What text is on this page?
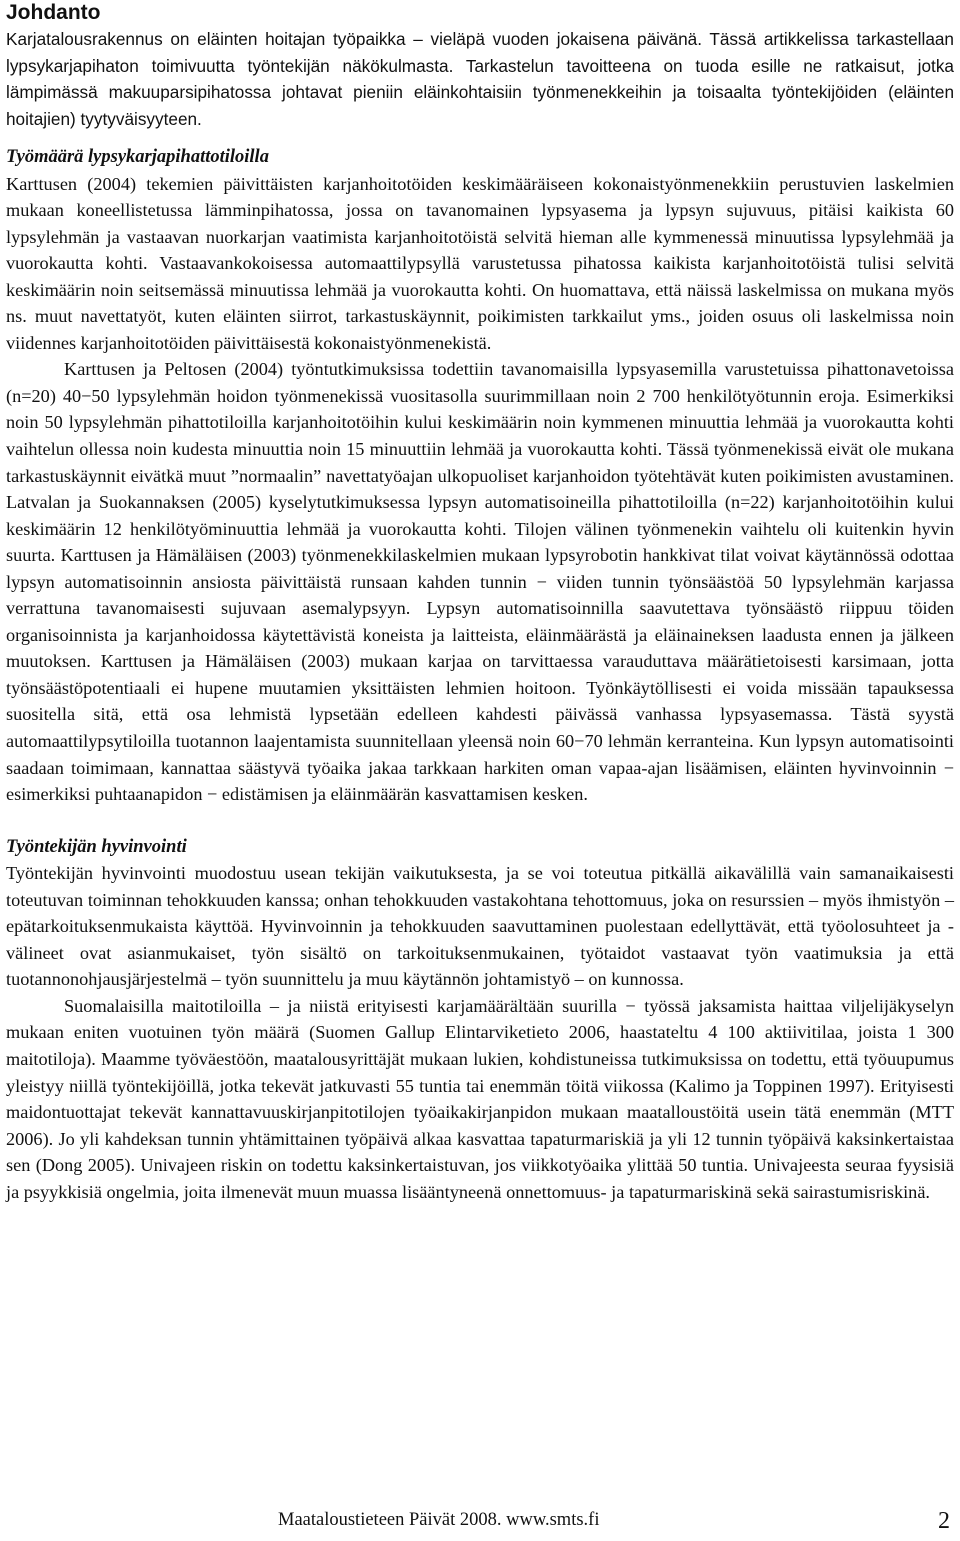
Johdanto

Karjatalousrakennus on eläinten hoitajan työpaikka – vieläpä vuoden jokaisena päivänä. Tässä artikkelissa tarkastellaan lypsykarjapihaton toimivuutta työntekijän näkökulmasta. Tarkastelun tavoitteena on tuoda esille ne ratkaisut, jotka lämpimässä makuuparsipihatossa johtavat pieniin eläinkohtaisiin työnmenekkeihin ja toisaalta työntekijöiden (eläinten hoitajien) tyytyväisyyteen.

Työmäärä lypsykarjapihattotiloilla

Karttusen (2004) tekemien päivittäisten karjanhoitotöiden keskimääräiseen kokonaistyönmenekkiin perustuvien laskelmien mukaan koneellistetussa lämminpihatossa, jossa on tavanomainen lypsyasema ja lypsyn sujuvuus, pitäisi kaikista 60 lypsylehmän ja vastaavan nuorkarjan vaatimista karjanhoitotöistä selvitä hieman alle kymmenessä minuutissa lypsylehmää ja vuorokautta kohti. Vastaavankokoisessa automaattilypsyllä varustetussa pihatossa kaikista karjanhoitotöistä tulisi selvitä keskimäärin noin seitsemässä minuutissa lehmää ja vuorokautta kohti. On huomattava, että näissä laskelmissa on mukana myös ns. muut navettatyöt, kuten eläinten siirrot, tarkastuskäynnit, poikimisten tarkkailut yms., joiden osuus oli laskelmissa noin viidennes karjanhoitotöiden päivittäisestä kokonaistyönmenekistä.

Karttusen ja Peltosen (2004) työntutkimuksissa todettiin tavanomaisilla lypsyasemilla varustetuissa pihattonavetoissa (n=20) 40−50 lypsylehmän hoidon työnmenekissä vuositasolla suurimmillaan noin 2 700 henkilötyötunnin eroja. Esimerkiksi noin 50 lypsylehmän pihattotiloilla karjanhoitotöihin kului keskimäärin noin kymmenen minuuttia lehmää ja vuorokautta kohti vaihtelun ollessa noin kudesta minuuttia noin 15 minuuttiin lehmää ja vuorokautta kohti. Tässä työnmenekissä eivät ole mukana tarkastuskäynnit eivätkä muut ”normaalin” navettatyöajan ulkopuoliset karjanhoidon työtehtävät kuten poikimisten avustaminen. Latvalan ja Suokannaksen (2005) kyselytutkimuksessa lypsyn automatisoineilla pihattotiloilla (n=22) karjanhoitotöihin kului keskimäärin 12 henkilötyöminuuttia lehmää ja vuorokautta kohti. Tilojen välinen työnmenekin vaihtelu oli kuitenkin hyvin suurta. Karttusen ja Hämäläisen (2003) työnmenekkilaskelmien mukaan lypsyrobotin hankkivat tilat voivat käytännössä odottaa lypsyn automatisoinnin ansiosta päivittäistä runsaan kahden tunnin − viiden tunnin työnsäästöä 50 lypsylehmän karjassa verrattuna tavanomaisesti sujuvaan asemalypsyyn. Lypsyn automatisoinnilla saavutettava työnsäästö riippuu töiden organisoinnista ja karjanhoidossa käytettävistä koneista ja laitteista, eläinmäärästä ja eläinaineksen laadusta ennen ja jälkeen muutoksen. Karttusen ja Hämäläisen (2003) mukaan karjaa on tarvittaessa varauduttava määrätietoisesti karsimaan, jotta työnsäästöpotentiaali ei hupene muutamien yksittäisten lehmien hoitoon. Työnkäytöllisesti ei voida missään tapauksessa suositella sitä, että osa lehmistä lypsetään edelleen kahdesti päivässä vanhassa lypsyasemassa. Tästä syystä automaattilypsytiloilla tuotannon laajentamista suunnitellaan yleensä noin 60−70 lehmän kerranteina. Kun lypsyn automatisointi saadaan toimimaan, kannattaa säästyvä työaika jakaa tarkkaan harkiten oman vapaa-ajan lisäämisen, eläinten hyvinvoinnin − esimerkiksi puhtaanapidon − edistämisen ja eläinmäärän kasvattamisen kesken.

Työntekijän hyvinvointi

Työntekijän hyvinvointi muodostuu usean tekijän vaikutuksesta, ja se voi toteutua pitkällä aikavälillä vain samanaikaisesti toteutuvan toiminnan tehokkuuden kanssa; onhan tehokkuuden vastakohtana tehottomuus, joka on resurssien – myös ihmistyön – epätarkoituksenmukaista käyttöä. Hyvinvoinnin ja tehokkuuden saavuttaminen puolestaan edellyttävät, että työolosuhteet ja -välineet ovat asianmukaiset, työn sisältö on tarkoituksenmukainen, työtaidot vastaavat työn vaatimuksia ja että tuotannonohjausjärjestelmä – työn suunnittelu ja muu käytännön johtamistyö – on kunnossa.

Suomalaisilla maitotiloilla – ja niistä erityisesti karjamäärältään suurilla − työssä jaksamista haittaa viljelijäkyselyn mukaan eniten vuotuinen työn määrä (Suomen Gallup Elintarviketieto 2006, haastateltu 4 100 aktiivitilaa, joista 1 300 maitotiloja). Maamme työväestöön, maatalousyrittäjät mukaan lukien, kohdistuneissa tutkimuksissa on todettu, että työuupumus yleistyy niillä työntekijöillä, jotka tekevät jatkuvasti 55 tuntia tai enemmän töitä viikossa (Kalimo ja Toppinen 1997). Erityisesti maidontuottajat tekevät kannattavuuskirjanpitotilojen työaikakirjanpidon mukaan maatalloustöitä usein tätä enemmän (MTT 2006). Jo yli kahdeksan tunnin yhtämittainen työpäivä alkaa kasvattaa tapaturmariskiä ja yli 12 tunnin työpäivä kaksinkertaistaa sen (Dong 2005). Univajeen riskin on todettu kaksinkertaistuvan, jos viikkotyöaika ylittää 50 tuntia. Univajeesta seuraa fyysisiä ja psyykkisiä ongelmia, joita ilmenevät muun muassa lisääntyneenä onnettomuus- ja tapaturmariskinä sekä sairastumisriskinä.

Maataloustieteen Päivät 2008. www.smts.fi	2
